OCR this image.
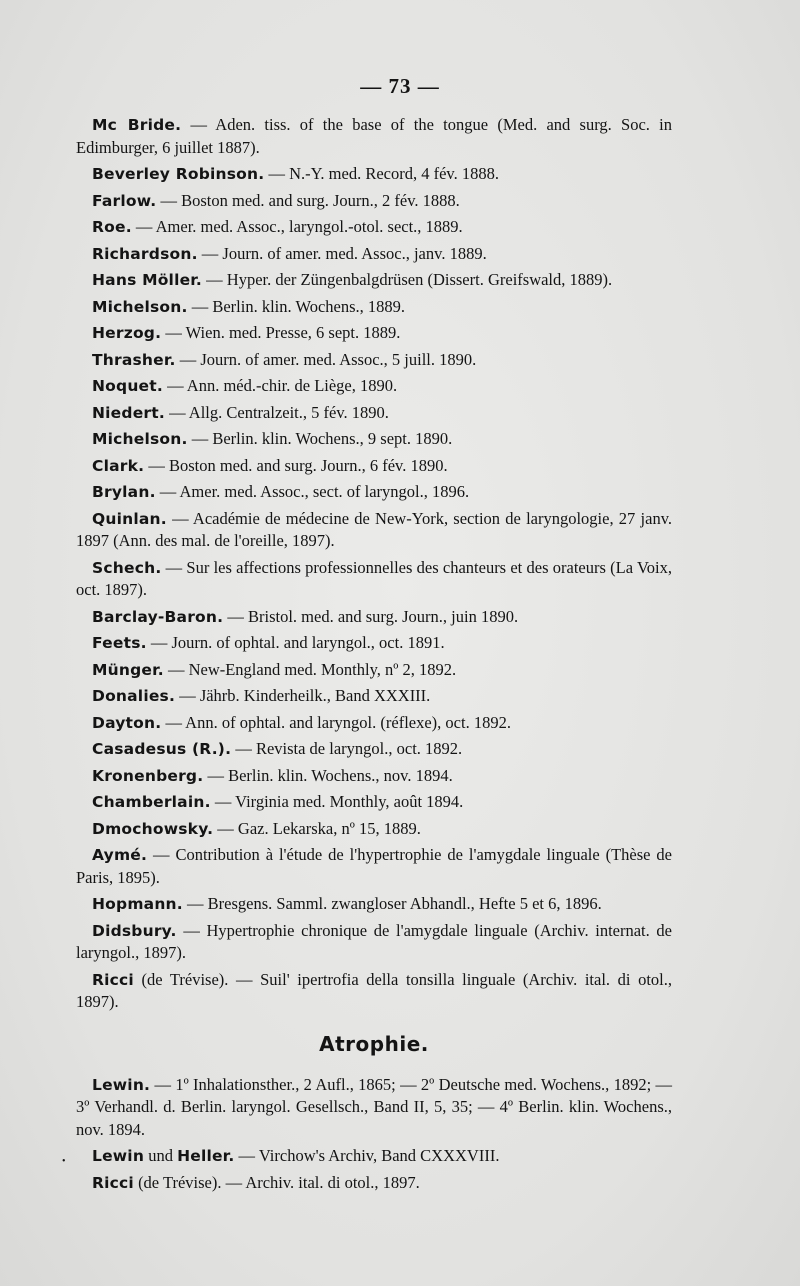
— 73 —

Mc Bride. — Aden. tiss. of the base of the tongue (Med. and surg. Soc. in Edimburger, 6 juillet 1887).

Beverley Robinson. — N.-Y. med. Record, 4 fév. 1888.

Farlow. — Boston med. and surg. Journ., 2 fév. 1888.

Roe. — Amer. med. Assoc., laryngol.-otol. sect., 1889.

Richardson. — Journ. of amer. med. Assoc., janv. 1889.

Hans Möller. — Hyper. der Züngenbalgdrüsen (Dissert. Greifswald, 1889).

Michelson. — Berlin. klin. Wochens., 1889.

Herzog. — Wien. med. Presse, 6 sept. 1889.

Thrasher. — Journ. of amer. med. Assoc., 5 juill. 1890.

Noquet. — Ann. méd.-chir. de Liège, 1890.

Niedert. — Allg. Centralzeit., 5 fév. 1890.

Michelson. — Berlin. klin. Wochens., 9 sept. 1890.

Clark. — Boston med. and surg. Journ., 6 fév. 1890.

Brylan. — Amer. med. Assoc., sect. of laryngol., 1896.

Quinlan. — Académie de médecine de New-York, section de laryngologie, 27 janv. 1897 (Ann. des mal. de l'oreille, 1897).

Schech. — Sur les affections professionnelles des chanteurs et des orateurs (La Voix, oct. 1897).

Barclay-Baron. — Bristol. med. and surg. Journ., juin 1890.

Feets. — Journ. of ophtal. and laryngol., oct. 1891.

Münger. — New-England med. Monthly, nº 2, 1892.

Donalies. — Jährb. Kinderheilk., Band XXXIII.

Dayton. — Ann. of ophtal. and laryngol. (réflexe), oct. 1892.

Casadesus (R.). — Revista de laryngol., oct. 1892.

Kronenberg. — Berlin. klin. Wochens., nov. 1894.

Chamberlain. — Virginia med. Monthly, août 1894.

Dmochowsky. — Gaz. Lekarska, nº 15, 1889.

Aymé. — Contribution à l'étude de l'hypertrophie de l'amygdale linguale (Thèse de Paris, 1895).

Hopmann. — Bresgens. Samml. zwangloser Abhandl., Hefte 5 et 6, 1896.

Didsbury. — Hypertrophie chronique de l'amygdale linguale (Archiv. internat. de laryngol., 1897).

Ricci (de Trévise). — Suil' ipertrofia della tonsilla linguale (Archiv. ital. di otol., 1897).

Atrophie.

Lewin. — 1º Inhalationsther., 2 Aufl., 1865; — 2º Deutsche med. Wochens., 1892; — 3º Verhandl. d. Berlin. laryngol. Gesellsch., Band II, 5, 35; — 4º Berlin. klin. Wochens., nov. 1894.

Lewin und Heller. — Virchow's Archiv, Band CXXXVIII.

Ricci (de Trévise). — Archiv. ital. di otol., 1897.

•
